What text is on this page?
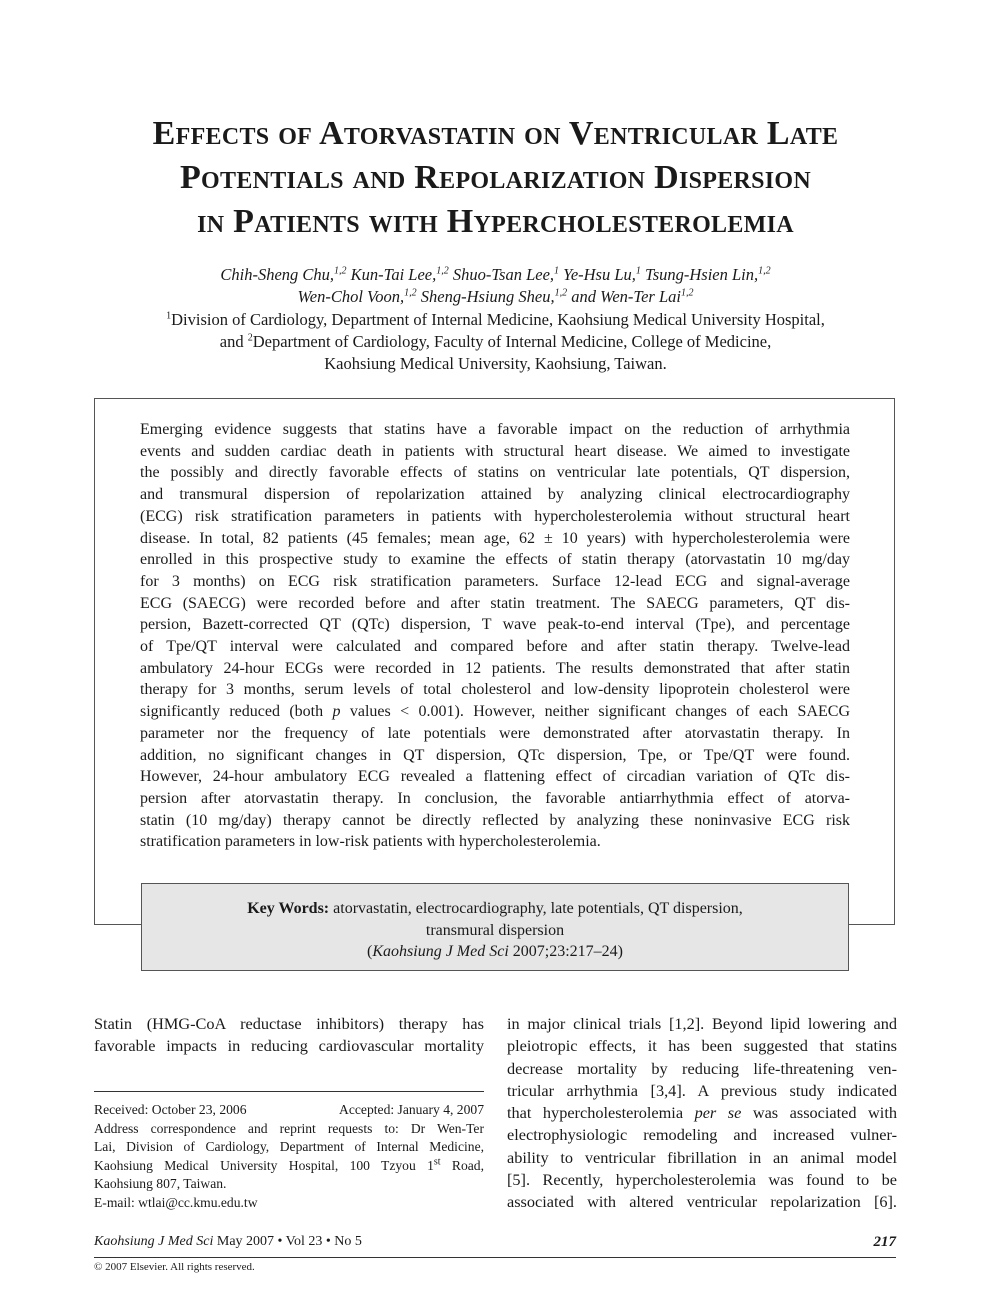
Effects of Atorvastatin on Ventricular Late
Potentials and Repolarization Dispersion
in Patients with Hypercholesterolemia
Chih-Sheng Chu,$^{1,2}$ Kun-Tai Lee,$^{1,2}$ Shuo-Tsan Lee,$^1$ Ye-Hsu Lu,$^1$ Tsung-Hsien Lin,$^{1,2}$
Wen-Chol Voon,$^{1,2}$ Sheng-Hsiung Sheu,$^{1,2}$ and Wen-Ter Lai$^{1,2}$
$^1$Division of Cardiology, Department of Internal Medicine, Kaohsiung Medical University Hospital,
and $^2$Department of Cardiology, Faculty of Internal Medicine, College of Medicine,
Kaohsiung Medical University, Kaohsiung, Taiwan.
Emerging evidence suggests that statins have a favorable impact on the reduction of arrhythmia
events and sudden cardiac death in patients with structural heart disease. We aimed to investigate
the possibly and directly favorable effects of statins on ventricular late potentials, QT dispersion,
and transmural dispersion of repolarization attained by analyzing clinical electrocardiography
(ECG) risk stratification parameters in patients with hypercholesterolemia without structural heart
disease. In total, 82 patients (45 females; mean age, 62 ± 10 years) with hypercholesterolemia were
enrolled in this prospective study to examine the effects of statin therapy (atorvastatin 10 mg/day
for 3 months) on ECG risk stratification parameters. Surface 12-lead ECG and signal-average
ECG (SAECG) were recorded before and after statin treatment. The SAECG parameters, QT dis-
persion, Bazett-corrected QT (QTc) dispersion, T wave peak-to-end interval (Tpe), and percentage
of Tpe/QT interval were calculated and compared before and after statin therapy. Twelve-lead
ambulatory 24-hour ECGs were recorded in 12 patients. The results demonstrated that after statin
therapy for 3 months, serum levels of total cholesterol and low-density lipoprotein cholesterol were
significantly reduced (both p values < 0.001). However, neither significant changes of each SAECG
parameter nor the frequency of late potentials were demonstrated after atorvastatin therapy. In
addition, no significant changes in QT dispersion, QTc dispersion, Tpe, or Tpe/QT were found.
However, 24-hour ambulatory ECG revealed a flattening effect of circadian variation of QTc dis-
persion after atorvastatin therapy. In conclusion, the favorable antiarrhythmia effect of atorva-
statin (10 mg/day) therapy cannot be directly reflected by analyzing these noninvasive ECG risk
stratification parameters in low-risk patients with hypercholesterolemia.
Key Words: atorvastatin, electrocardiography, late potentials, QT dispersion,
transmural dispersion
(Kaohsiung J Med Sci 2007;23:217–24)
Statin (HMG-CoA reductase inhibitors) therapy has
favorable impacts in reducing cardiovascular mortality
in major clinical trials [1,2]. Beyond lipid lowering and
pleiotropic effects, it has been suggested that statins
decrease mortality by reducing life-threatening ven-
tricular arrhythmia [3,4]. A previous study indicated
that hypercholesterolemia per se was associated with
electrophysiologic remodeling and increased vulner-
ability to ventricular fibrillation in an animal model
[5]. Recently, hypercholesterolemia was found to be
associated with altered ventricular repolarization [6].
Received: October 23, 2006	Accepted: January 4, 2007
Address correspondence and reprint requests to: Dr Wen-Ter
Lai, Division of Cardiology, Department of Internal Medicine,
Kaohsiung Medical University Hospital, 100 Tzyou 1st Road,
Kaohsiung 807, Taiwan.
E-mail: wtlai@cc.kmu.edu.tw
Kaohsiung J Med Sci May 2007 • Vol 23 • No 5	217
© 2007 Elsevier. All rights reserved.
